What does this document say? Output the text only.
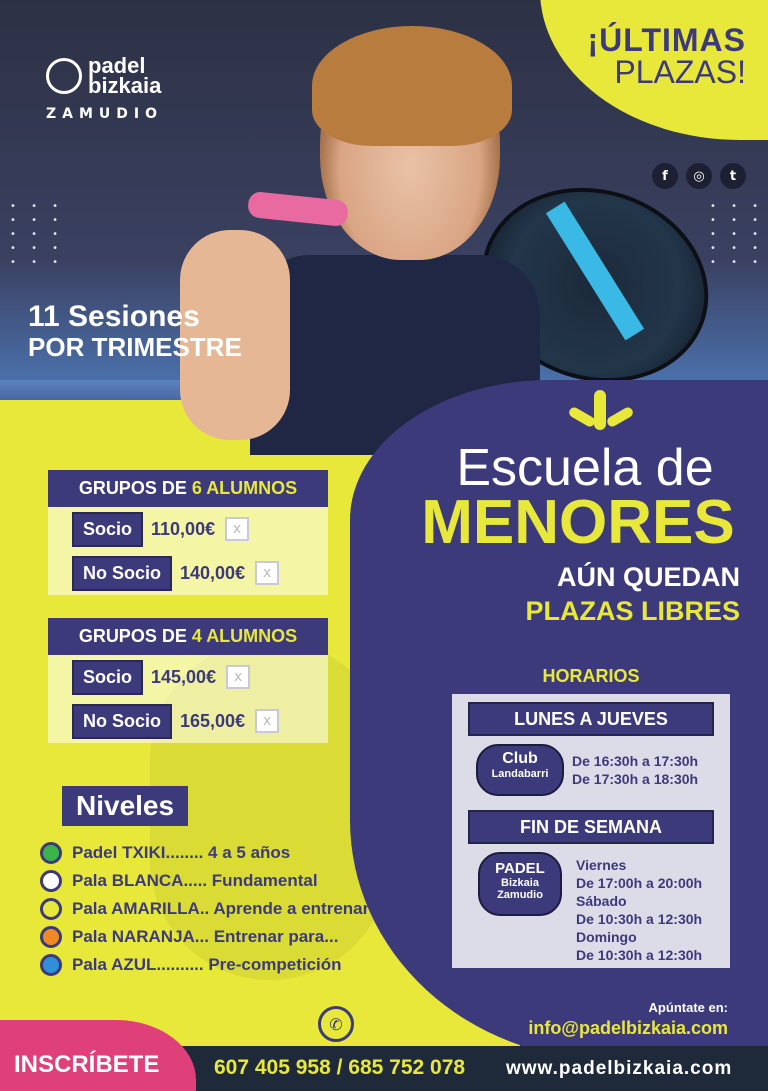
¡ÚLTIMAS
PLAZAS!
padel
bizkaia
ZAMUDIO
f	◎	t
• • •
• • •
• • •
• • •
• • •
• • •
• • •
• • •
• • •
• • •
11 Sesiones
POR TRIMESTRE
Escuela de
MENORES
AÚN QUEDAN
PLAZAS LIBRES
GRUPOS DE 6 ALUMNOS
Socio	110,00€	x
No Socio	140,00€	x
GRUPOS DE 4 ALUMNOS
Socio	145,00€	x
No Socio	165,00€	x
Niveles
Padel TXIKI........ 4 a 5 años
Pala BLANCA..... Fundamental
Pala AMARILLA.. Aprende a entrenar
Pala NARANJA... Entrenar para...
Pala AZUL.......... Pre-competición
HORARIOS
LUNES A JUEVES
Club
Landabarri
De 16:30h a 17:30h
De 17:30h a 18:30h
FIN DE SEMANA
PADEL
Bizkaia
Zamudio
Viernes
De 17:00h a 20:00h
Sábado
De 10:30h a 12:30h
Domingo
De 10:30h a 12:30h
Apúntate en:
info@padelbizkaia.com
✆
INSCRÍBETE	607 405 958 / 685 752 078 www.padelbizkaia.com
